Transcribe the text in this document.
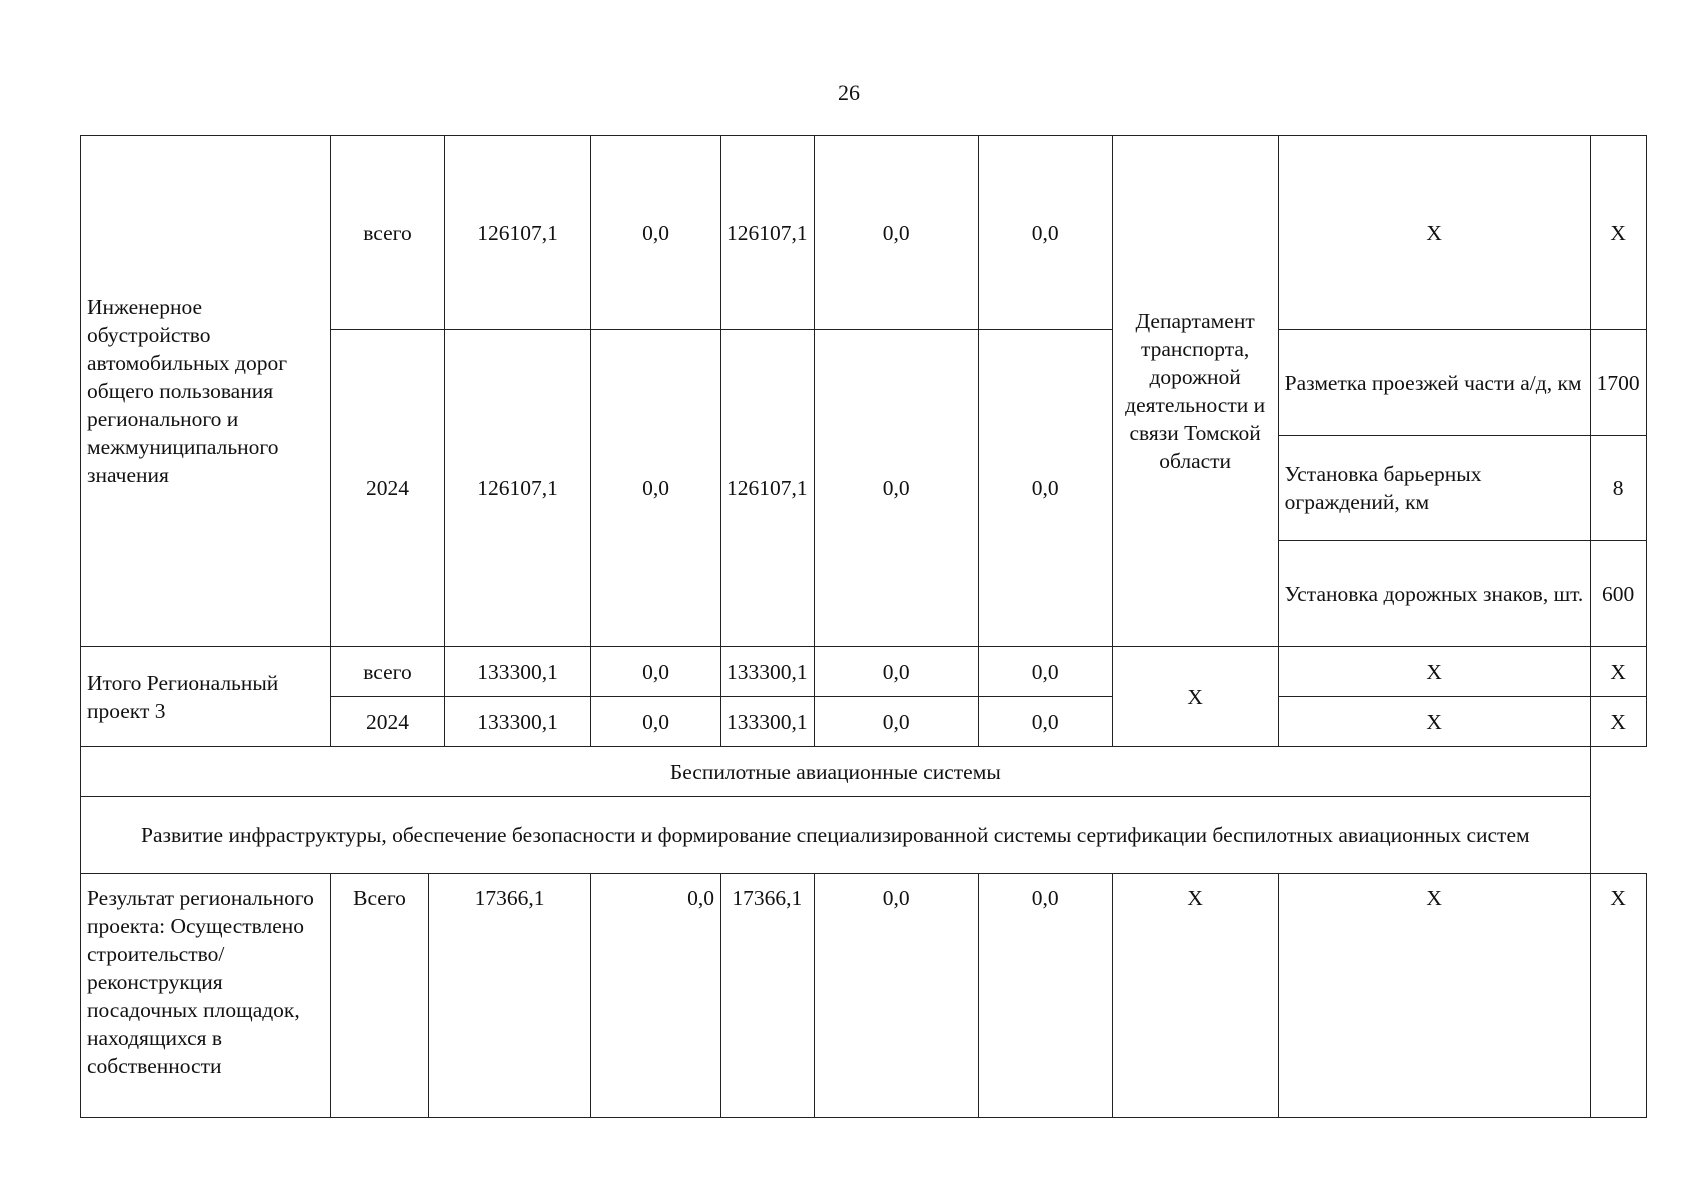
26
Инженерное обустройство автомобильных дорог общего пользования регионального и межмуниципального значения	всего		126107,1	0,0	126107,1	0,0	0,0	Департамент транспорта, дорожной деятельности и связи Томской области	Х	Х
	2024		126107,1	0,0	126107,1	0,0	0,0		Разметка проезжей части а/д, км	1700
									Установка барьерных ограждений, км	8
									Установка дорожных знаков, шт.	600
Итого Региональный проект 3	всего		133300,1	0,0	133300,1	0,0	0,0	Х	Х	Х
	2024		133300,1	0,0	133300,1	0,0	0,0		Х	Х
Беспилотные авиационные системы										
Развитие инфраструктуры, обеспечение безопасности и формирование специализированной системы сертификации беспилотных авиационных систем										
Результат регионального проекта: Осуществлено строительство/ реконструкция посадочных площадок, находящихся в собственности	Всего	17366,1		0,0	17366,1	0,0	0,0	Х	Х	Х
